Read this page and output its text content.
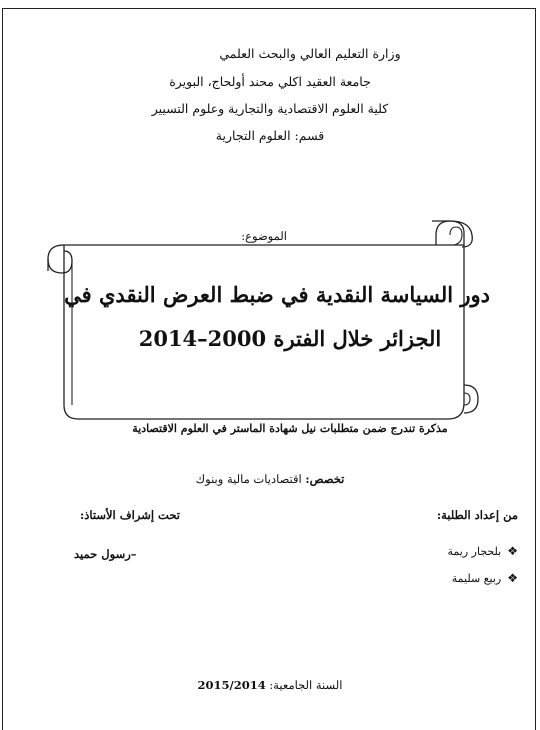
وزارة التعليم العالي والبحث العلمي
جامعة العقيد اكلي محند أولحاج، البويرة
كلية العلوم الاقتصادية والتجارية وعلوم التسيير
قسم: العلوم التجارية
الموضوع:
دور السياسة النقدية في ضبط العرض النقدي في
الجزائر خلال الفترة 2000–2014
مذكرة تندرج ضمن متطلبات نيل شهادة الماستر في العلوم الاقتصادية
تخصص: اقتصاديات مالية وبنوك
من إعداد الطلبة:
تحت إشراف الأستاذ:
❖بلحجار ريمة
❖ربيع سليمة
–رسول حميد
السنة الجامعية: 2015/2014
